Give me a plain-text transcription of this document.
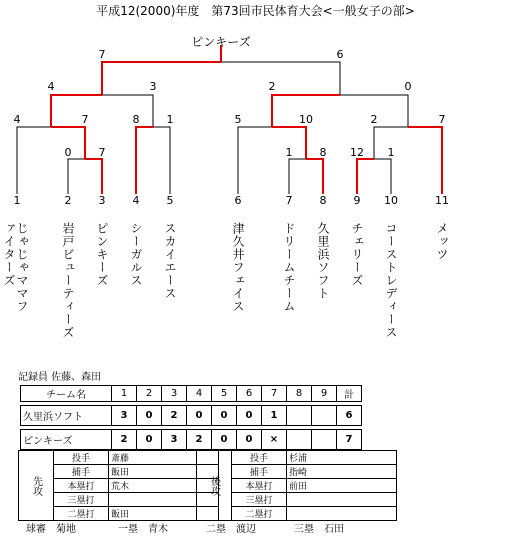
平成12(2000)年度　第73回市民体育大会<一般女子の部>
ピンキーズ
7	6
4	3	2	0
4	7	8 1	5	10	2	7
0 7	1 8 12 1
1	2 3 4 5	6	7 8 9 10	11
じゃじゃママファイターズ	岩戸ビューティーズ ピンキーズ シーガルス スカイエース	津久井フェイス	ドリームチーム 久里浜ソフト チェリーズ コーストレディース	メッツ
記録員 佐藤、森田
チーム名	1	2	3	4	5	6	7	8	9	計

久里浜ソフト	3	0	2	0	0	0	1			6

ピンキーズ	2	0	3	2	0	0	×			7
先攻	投手	斎藤
	捕手	飯田
	本塁打	荒木
	三塁打	
	二塁打	飯田
後攻	投手	杉浦
	捕手	指崎
	本塁打	前田
	三塁打	
	二塁打	
球審　菊地	一塁　青木	二塁　渡辺	三塁　石田
